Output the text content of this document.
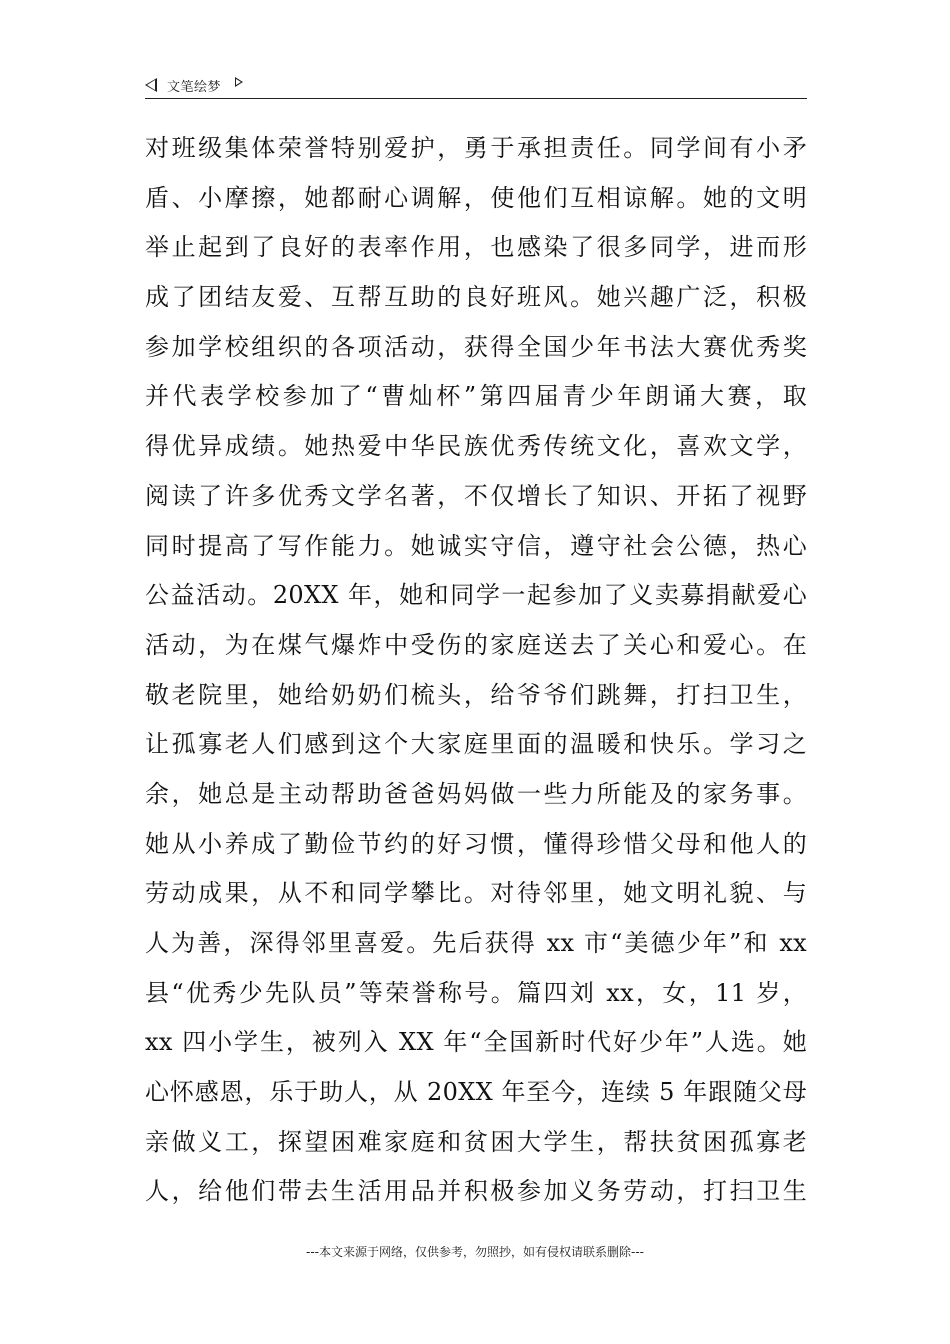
文笔绘梦
对班级集体荣誉特别爱护，勇于承担责任。同学间有小矛
盾、小摩擦，她都耐心调解，使他们互相谅解。她的文明
举止起到了良好的表率作用，也感染了很多同学，进而形
成了团结友爱、互帮互助的良好班风。她兴趣广泛，积极
参加学校组织的各项活动，获得全国少年书法大赛优秀奖
并代表学校参加了“曹灿杯”第四届青少年朗诵大赛，取
得优异成绩。她热爱中华民族优秀传统文化，喜欢文学，
阅读了许多优秀文学名著，不仅增长了知识、开拓了视野
同时提高了写作能力。她诚实守信，遵守社会公德，热心
公益活动。20XX 年，她和同学一起参加了义卖募捐献爱心
活动，为在煤气爆炸中受伤的家庭送去了关心和爱心。在
敬老院里，她给奶奶们梳头，给爷爷们跳舞，打扫卫生，
让孤寡老人们感到这个大家庭里面的温暖和快乐。学习之
余，她总是主动帮助爸爸妈妈做一些力所能及的家务事。
她从小养成了勤俭节约的好习惯，懂得珍惜父母和他人的
劳动成果，从不和同学攀比。对待邻里，她文明礼貌、与
人为善，深得邻里喜爱。先后获得 xx 市“美德少年”和 xx
县“优秀少先队员”等荣誉称号。篇四刘 xx，女，11 岁，
xx 四小学生，被列入 XX 年“全国新时代好少年”人选。她
心怀感恩，乐于助人，从 20XX 年至今，连续 5 年跟随父母
亲做义工，探望困难家庭和贫困大学生，帮扶贫困孤寡老
人，给他们带去生活用品并积极参加义务劳动，打扫卫生
---本文来源于网络，仅供参考，勿照抄，如有侵权请联系删除---
